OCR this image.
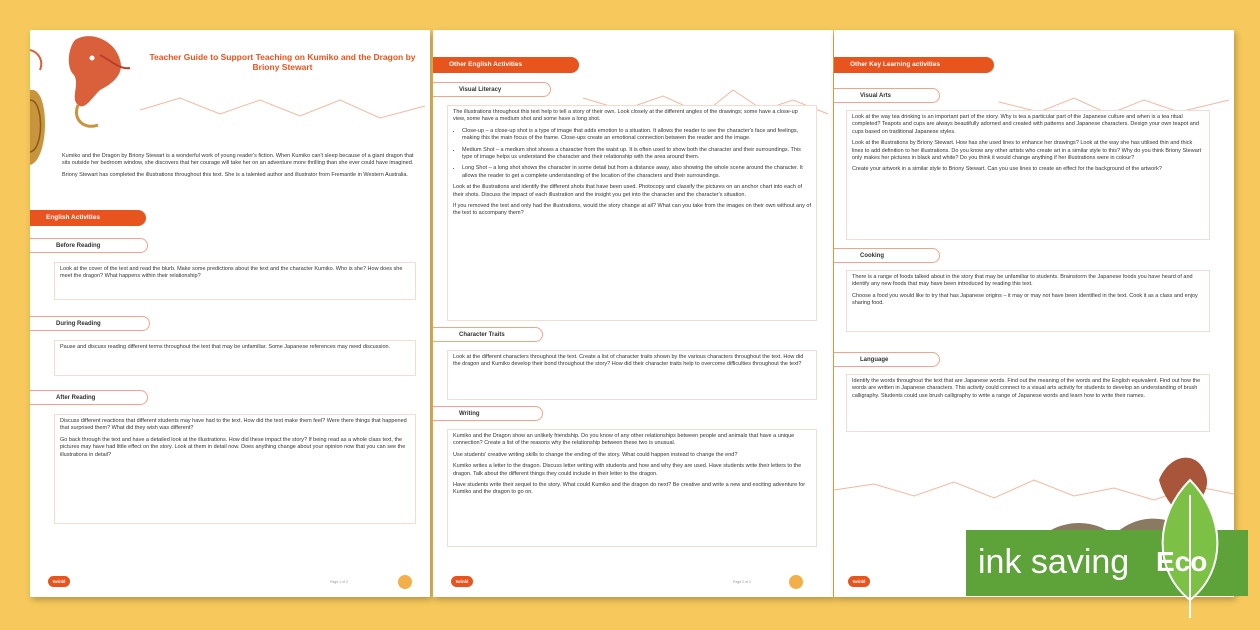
Teacher Guide to Support Teaching on Kumiko and the Dragon by Briony Stewart

Kumiko and the Dragon by Briony Stewart is a wonderful work of young reader's fiction. When Kumiko can't sleep because of a giant dragon that sits outside her bedroom window, she discovers that her courage will take her on an adventure more thrilling than she ever could have imagined.

Briony Stewart has completed the illustrations throughout this text. She is a talented author and illustrator from Fremantle in Western Australia.

English Activities
Before Reading

Look at the cover of the text and read the blurb. Make some predictions about the text and the character Kumiko. Who is she? How does she meet the dragon? What happens within their relationship?

During Reading

Pause and discuss reading different terms throughout the text that may be unfamiliar. Some Japanese references may need discussion.

After Reading

Discuss different reactions that different students may have had to the text. How did the text make them feel? Were there things that happened that surprised them? What did they wish was different?

Go back through the text and have a detailed look at the illustrations. How did these impact the story? If being read as a whole class text, the pictures may have had little effect on the story. Look at them in detail now. Does anything change about your opinion now that you can see the illustrations in detail?

twinkl	Page 1 of 2
Other English Activities
Visual Literacy

The illustrations throughout this text help to tell a story of their own. Look closely at the different angles of the drawings; some have a close-up view, some have a medium shot and some have a long shot.

• Close-up – a close-up shot is a type of image that adds emotion to a situation. It allows the reader to see the character's face and feelings, making this the main focus of the frame. Close-ups create an emotional connection between the reader and the image.
• Medium Shot – a medium shot shows a character from the waist up. It is often used to show both the character and their surroundings. This type of image helps us understand the character and their relationship with the area around them.
• Long Shot – a long shot shows the character in some detail but from a distance away, also showing the whole scene around the character. It allows the reader to get a complete understanding of the location of the characters and their surroundings.

Look at the illustrations and identify the different shots that have been used. Photocopy and classify the pictures on an anchor chart into each of their shots. Discuss the impact of each illustration and the insight you get into the character and the character's situation.

If you removed the text and only had the illustrations, would the story change at all? What can you take from the images on their own without any of the text to accompany them?

Character Traits

Look at the different characters throughout the text. Create a list of character traits shown by the various characters throughout the text. How did the dragon and Kumiko develop their bond throughout the story? How did their character traits help to overcome difficulties throughout the text?

Writing

Kumiko and the Dragon show an unlikely friendship. Do you know of any other relationships between people and animals that have a unique connection? Create a list of the reasons why the relationship between these two is unusual.

Use students' creative writing skills to change the ending of the story. What could happen instead to change the end?

Kumiko writes a letter to the dragon. Discuss letter writing with students and how and why they are used. Have students write their letters to the dragon. Talk about the different things they could include in their letter to the dragon.

Have students write their sequel to the story. What could Kumiko and the dragon do next? Be creative and write a new and exciting adventure for Kumiko and the dragon to go on.

twinkl	Page 2 of 2
Other Key Learning activities
Visual Arts

Look at the way tea drinking is an important part of the story. Why is tea a particular part of the Japanese culture and when is a tea ritual completed? Teapots and cups are always beautifully adorned and created with patterns and Japanese characters. Design your own teapot and cups based on traditional Japanese styles.

Look at the illustrations by Briony Stewart. How has she used lines to enhance her drawings? Look at the way she has utilised thin and thick lines to add definition to her illustrations. Do you know any other artists who create art in a similar style to this? Why do you think Briony Stewart only makes her pictures in black and white? Do you think it would change anything if her illustrations were in colour?

Create your artwork in a similar style to Briony Stewart. Can you use lines to create an effect for the background of the artwork?

Cooking

There is a range of foods talked about in the story that may be unfamiliar to students. Brainstorm the Japanese foods you have heard of and identify any new foods that may have been introduced by reading this text.

Choose a food you would like to try that has Japanese origins – it may or may not have been identified in the text. Cook it as a class and enjoy sharing food.

Language

Identify the words throughout the text that are Japanese words. Find out the meaning of the words and the English equivalent. Find out how the words are written in Japanese characters. This activity could connect to a visual arts activity for students to develop an understanding of brush calligraphy. Students could use brush calligraphy to write a range of Japanese words and learn how to write their names.

twinkl
ink saving Eco
